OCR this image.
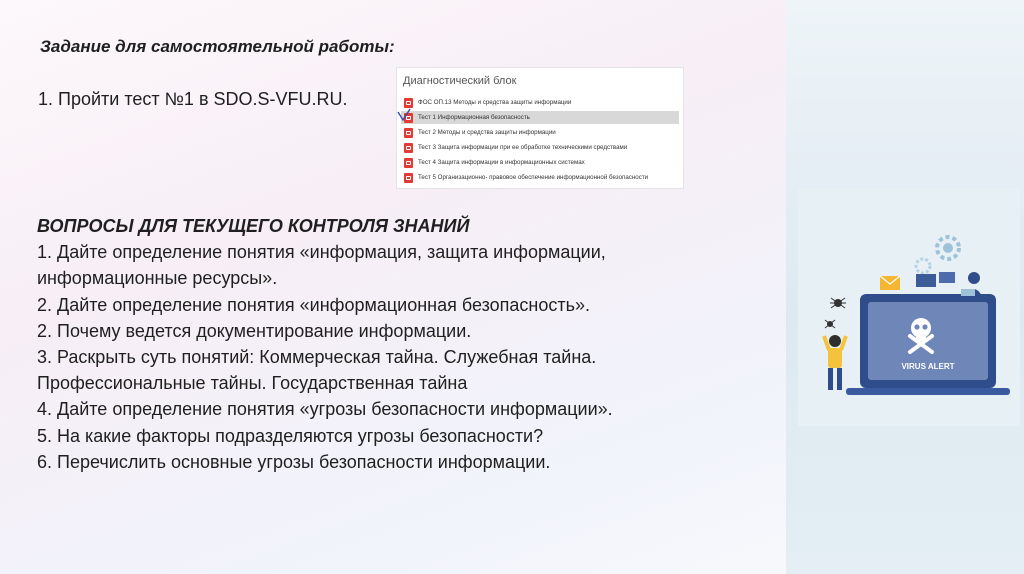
Задание для самостоятельной работы:
1. Пройти тест №1 в SDO.S-VFU.RU.
Диагностический блок
ФОС ОП.13 Методы и средства защиты информации
Тест 1 Информационная безопасность
Тест 2 Методы и средства защиты информации
Тест 3 Защита информации при ее обработке техническими средствами
Тест 4 Защита информации в информационных системах
Тест 5 Организационно- правовое обеспечение информационной безопасности
ВОПРОСЫ ДЛЯ ТЕКУЩЕГО КОНТРОЛЯ ЗНАНИЙ
1. Дайте определение понятия «информация, защита информации,
информационные ресурсы».
2. Дайте определение понятия «информационная безопасность».
2. Почему ведется документирование информации.
3. Раскрыть суть понятий: Коммерческая тайна. Служебная тайна.
Профессиональные тайны. Государственная тайна
4. Дайте определение понятия «угрозы безопасности информации».
5. На какие факторы подразделяются угрозы безопасности?
6. Перечислить основные угрозы безопасности информации.
VIRUS ALERT
